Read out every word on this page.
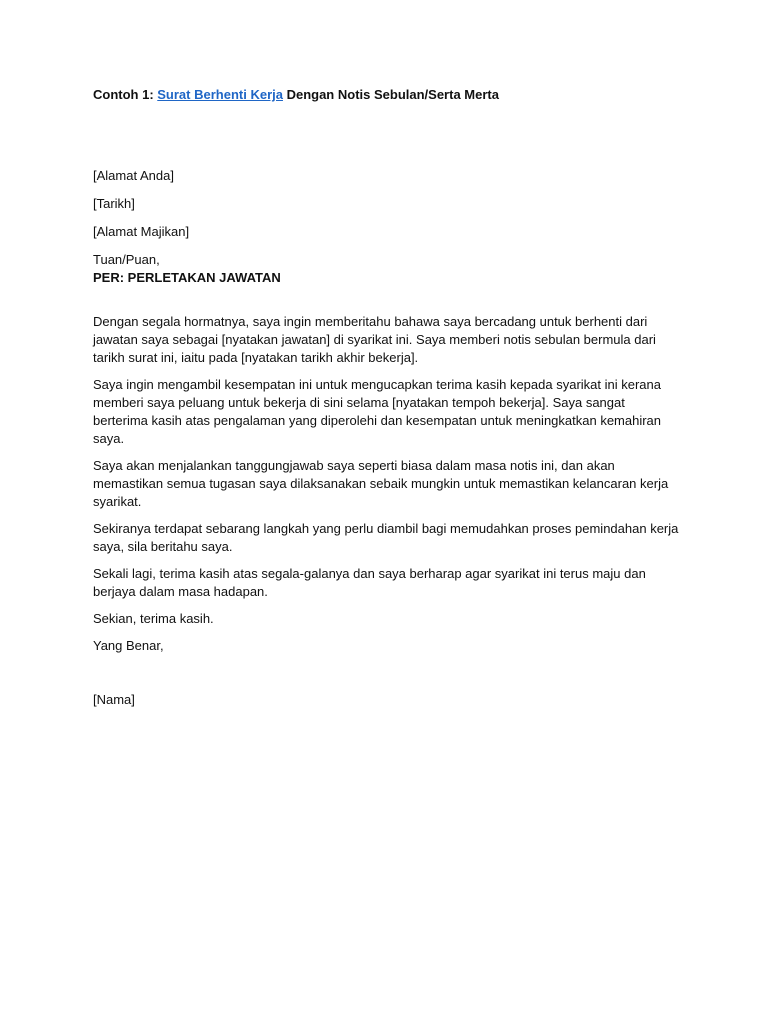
Contoh 1: Surat Berhenti Kerja Dengan Notis Sebulan/Serta Merta

[Alamat Anda]

[Tarikh]

[Alamat Majikan]

Tuan/Puan,

PER: PERLETAKAN JAWATAN

Dengan segala hormatnya, saya ingin memberitahu bahawa saya bercadang untuk berhenti dari jawatan saya sebagai [nyatakan jawatan] di syarikat ini. Saya memberi notis sebulan bermula dari tarikh surat ini, iaitu pada [nyatakan tarikh akhir bekerja].

Saya ingin mengambil kesempatan ini untuk mengucapkan terima kasih kepada syarikat ini kerana memberi saya peluang untuk bekerja di sini selama [nyatakan tempoh bekerja]. Saya sangat berterima kasih atas pengalaman yang diperolehi dan kesempatan untuk meningkatkan kemahiran saya.

Saya akan menjalankan tanggungjawab saya seperti biasa dalam masa notis ini, dan akan memastikan semua tugasan saya dilaksanakan sebaik mungkin untuk memastikan kelancaran kerja syarikat.

Sekiranya terdapat sebarang langkah yang perlu diambil bagi memudahkan proses pemindahan kerja saya, sila beritahu saya.

Sekali lagi, terima kasih atas segala-galanya dan saya berharap agar syarikat ini terus maju dan berjaya dalam masa hadapan.

Sekian, terima kasih.

Yang Benar,

[Nama]
